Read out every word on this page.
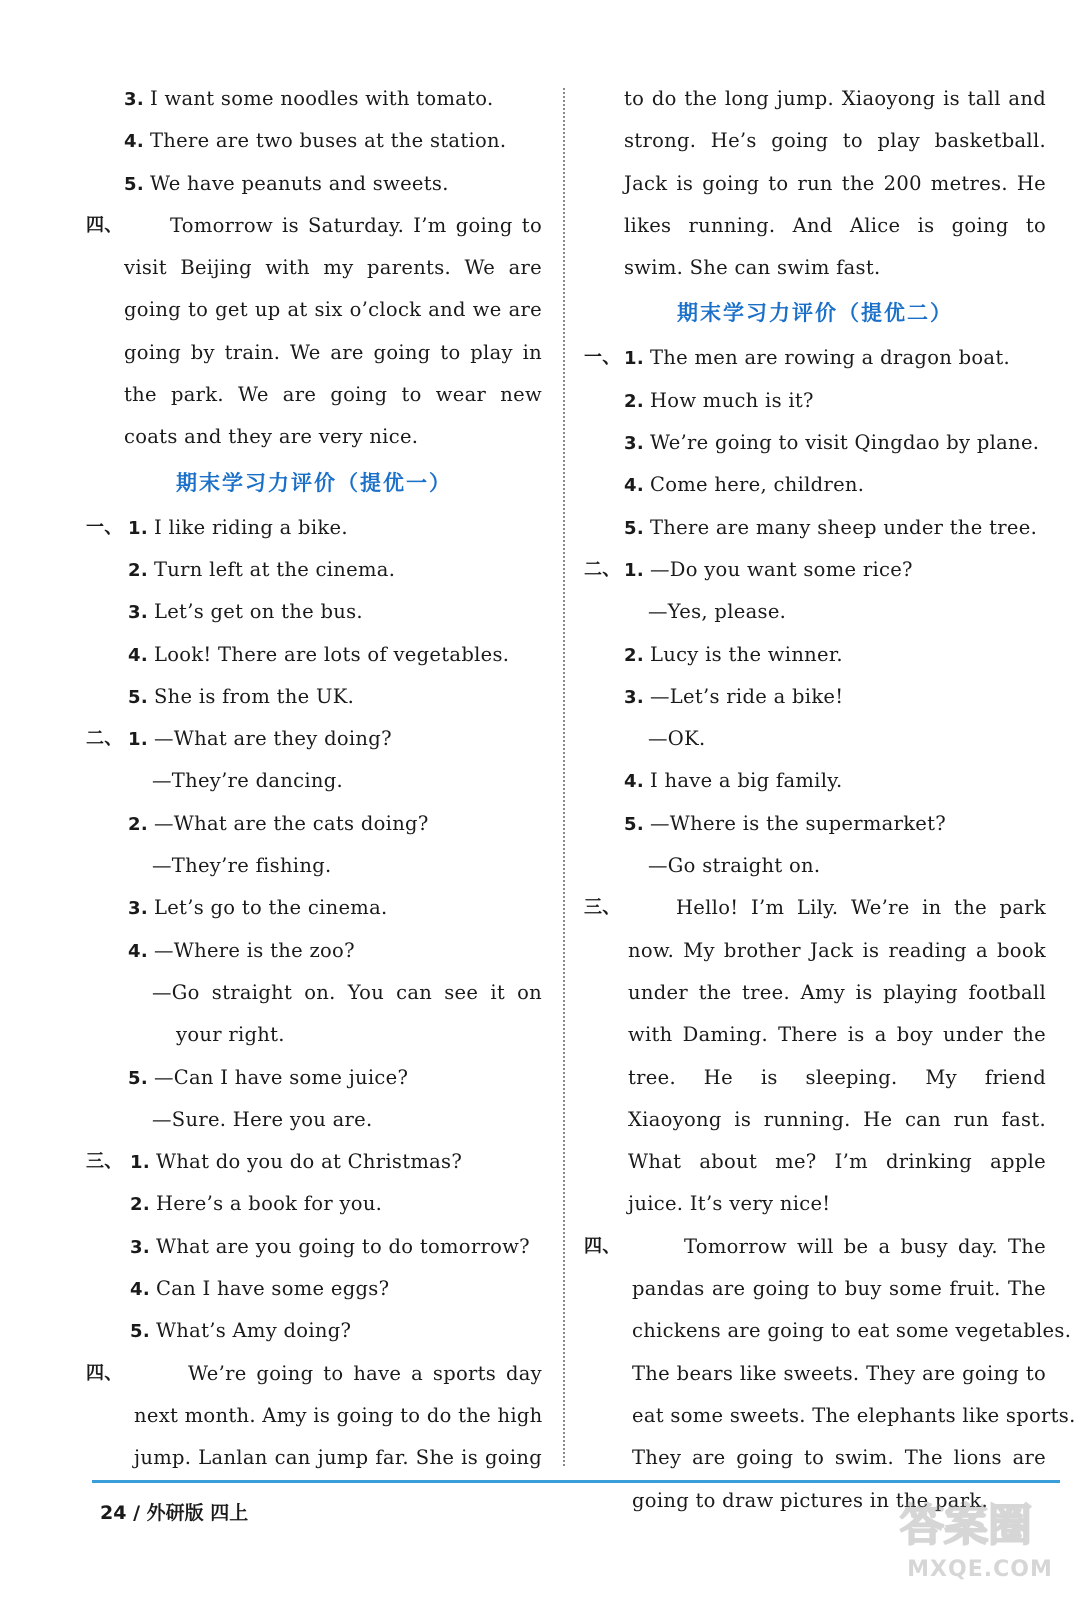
3. I want some noodles with tomato.
4. There are two buses at the station.
5. We have peanuts and sweets.
四、 Tomorrow is Saturday. I’m going to
visit Beijing with my parents. We are
going to get up at six o’clock and we are
going by train. We are going to play in
the park. We are going to wear new
coats and they are very nice.
期末学习力评价（提优一）
一、 1. I like riding a bike.
2. Turn left at the cinema.
3. Let’s get on the bus.
4. Look! There are lots of vegetables.
5. She is from the UK.
二、 1. —What are they doing?
—They’re dancing.
2. —What are the cats doing?
—They’re fishing.
3. Let’s go to the cinema.
4. —Where is the zoo?
—Go straight on. You can see it on
your right.
5. —Can I have some juice?
—Sure. Here you are.
三、 1. What do you do at Christmas?
2. Here’s a book for you.
3. What are you going to do tomorrow?
4. Can I have some eggs?
5. What’s Amy doing?
四、	We’re going to have a sports day
next month. Amy is going to do the high
jump. Lanlan can jump far. She is going
to do the long jump. Xiaoyong is tall and
strong. He’s going to play basketball.
Jack is going to run the 200 metres. He
likes running. And Alice is going to
swim. She can swim fast.
期末学习力评价（提优二）
一、 1. The men are rowing a dragon boat.
2. How much is it?
3. We’re going to visit Qingdao by plane.
4. Come here, children.
5. There are many sheep under the tree.
二、 1. —Do you want some rice?
—Yes, please.
2. Lucy is the winner.
3. —Let’s ride a bike!
—OK.
4. I have a big family.
5. —Where is the supermarket?
—Go straight on.
三、	Hello! I’m Lily. We’re in the park
now. My brother Jack is reading a book
under the tree. Amy is playing football
with Daming. There is a boy under the
tree. He is sleeping. My friend
Xiaoyong is running. He can run fast.
What about me? I’m drinking apple
juice. It’s very nice!
四、	Tomorrow will be a busy day. The
pandas are going to buy some fruit. The
chickens are going to eat some vegetables.
The bears like sweets. They are going to
eat some sweets. The elephants like sports.
They are going to swim. The lions are
going to draw pictures in the park.
24 / 外研版 四上	答案圈
MXQE.COM
